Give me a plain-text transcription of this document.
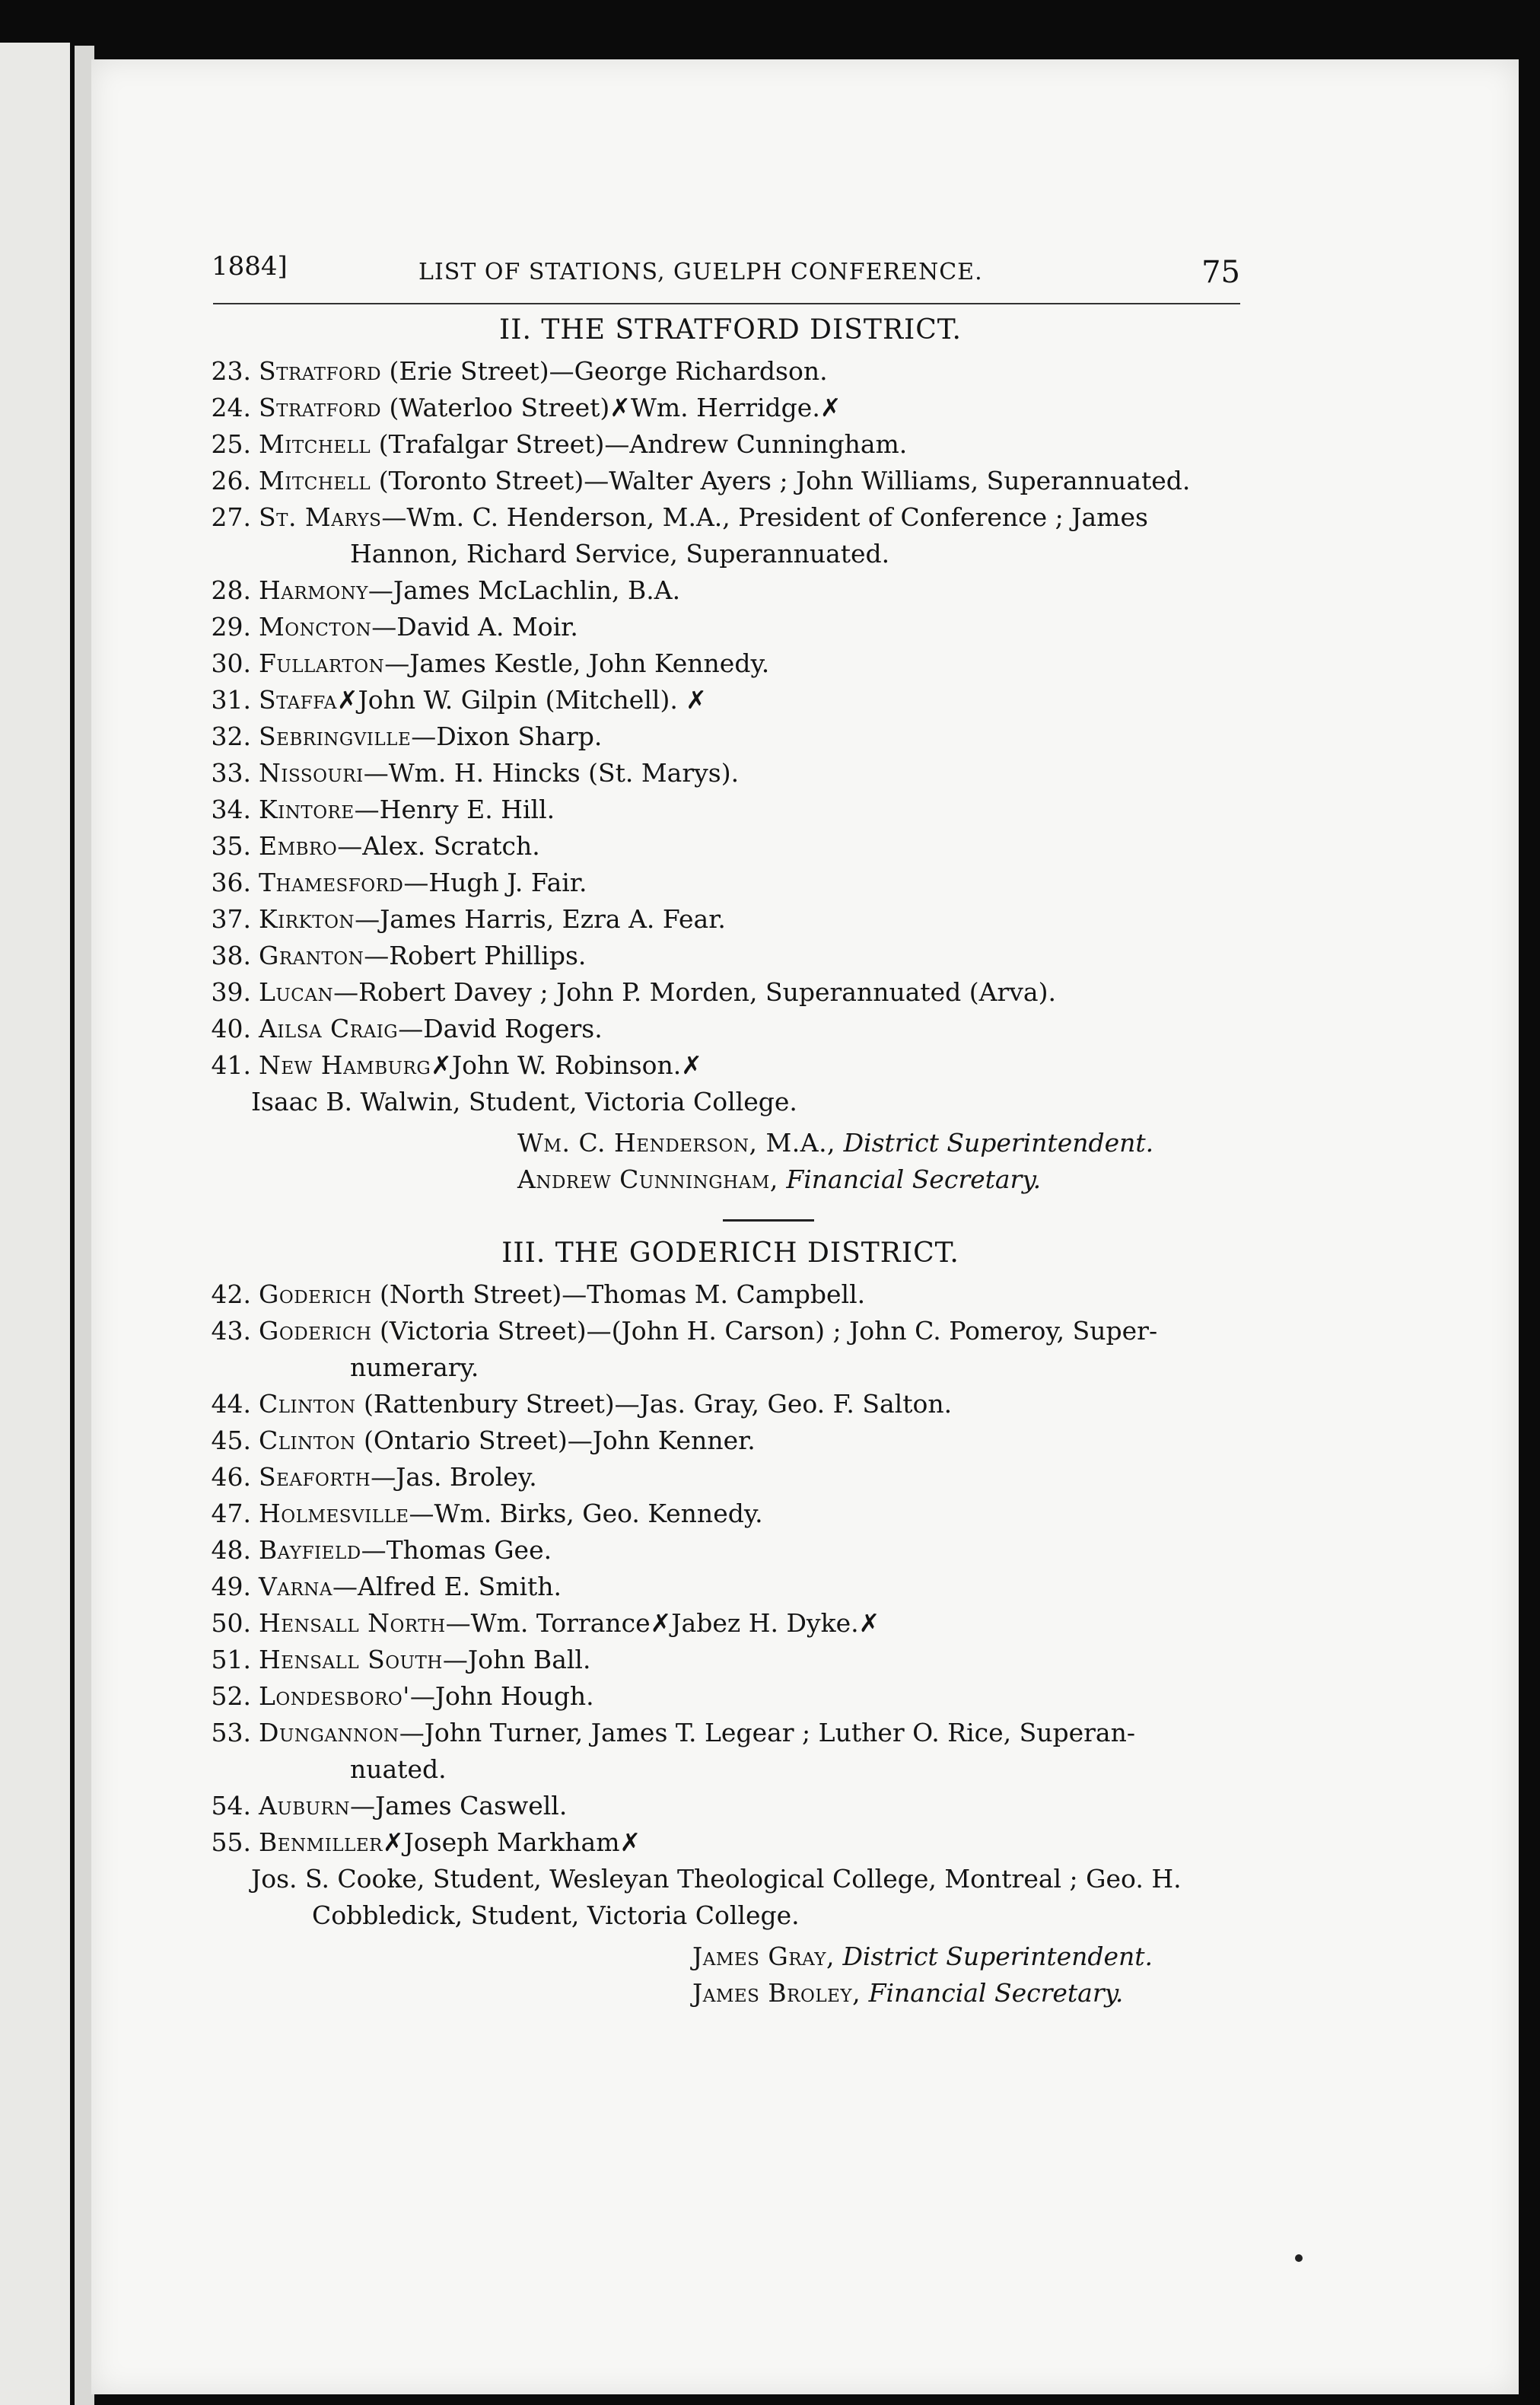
1884]	LIST OF STATIONS, GUELPH CONFERENCE.	75
II. THE STRATFORD DISTRICT.
23. Stratford (Erie Street)—George Richardson.
24. Stratford (Waterloo Street)✗Wm. Herridge.✗
25. Mitchell (Trafalgar Street)—Andrew Cunningham.
26. Mitchell (Toronto Street)—Walter Ayers ; John Williams, Superannuated.
27. St. Marys—Wm. C. Henderson, M.A., President of Conference ; James
Hannon, Richard Service, Superannuated.
28. Harmony—James McLachlin, B.A.
29. Moncton—David A. Moir.
30. Fullarton—James Kestle, John Kennedy.
31. Staffa✗John W. Gilpin (Mitchell). ✗
32. Sebringville—Dixon Sharp.
33. Nissouri—Wm. H. Hincks (St. Marys).
34. Kintore—Henry E. Hill.
35. Embro—Alex. Scratch.
36. Thamesford—Hugh J. Fair.
37. Kirkton—James Harris, Ezra A. Fear.
38. Granton—Robert Phillips.
39. Lucan—Robert Davey ; John P. Morden, Superannuated (Arva).
40. Ailsa Craig—David Rogers.
41. New Hamburg✗John W. Robinson.✗
Isaac B. Walwin, Student, Victoria College.
Wm. C. Henderson, M.A., District Superintendent.
Andrew Cunningham, Financial Secretary.
III. THE GODERICH DISTRICT.
42. Goderich (North Street)—Thomas M. Campbell.
43. Goderich (Victoria Street)—(John H. Carson) ; John C. Pomeroy, Super-
numerary.
44. Clinton (Rattenbury Street)—Jas. Gray, Geo. F. Salton.
45. Clinton (Ontario Street)—John Kenner.
46. Seaforth—Jas. Broley.
47. Holmesville—Wm. Birks, Geo. Kennedy.
48. Bayfield—Thomas Gee.
49. Varna—Alfred E. Smith.
50. Hensall North—Wm. Torrance✗Jabez H. Dyke.✗
51. Hensall South—John Ball.
52. Londesboro'—John Hough.
53. Dungannon—John Turner, James T. Legear ; Luther O. Rice, Superan-
nuated.
54. Auburn—James Caswell.
55. Benmiller✗Joseph Markham✗
Jos. S. Cooke, Student, Wesleyan Theological College, Montreal ; Geo. H.
Cobbledick, Student, Victoria College.
James Gray, District Superintendent.
James Broley, Financial Secretary.
